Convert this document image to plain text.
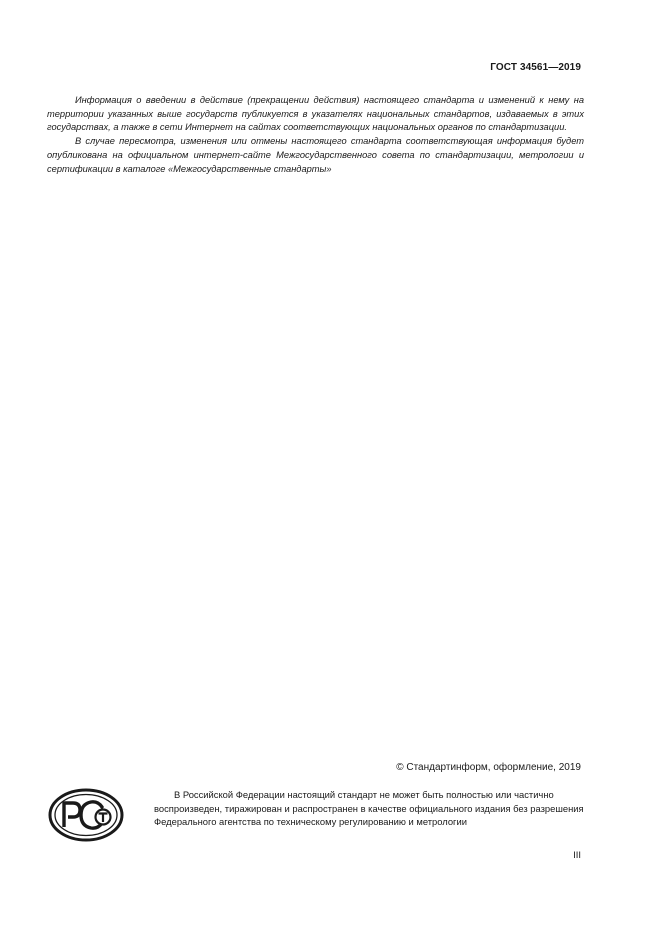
ГОСТ 34561—2019

Информация о введении в действие (прекращении действия) настоящего стандарта и изменений к нему на территории указанных выше государств публикуется в указателях национальных стандартов, издаваемых в этих государствах, а также в сети Интернет на сайтах соответствующих национальных органов по стандартизации.

В случае пересмотра, изменения или отмены настоящего стандарта соответствующая информация будет опубликована на официальном интернет-сайте Межгосударственного совета по стандартизации, метрологии и сертификации в каталоге «Межгосударственные стандарты»

© Стандартинформ, оформление, 2019

В Российской Федерации настоящий стандарт не может быть полностью или частично воспроизведен, тиражирован и распространен в качестве официального издания без разрешения Федерального агентства по техническому регулированию и метрологии

III
